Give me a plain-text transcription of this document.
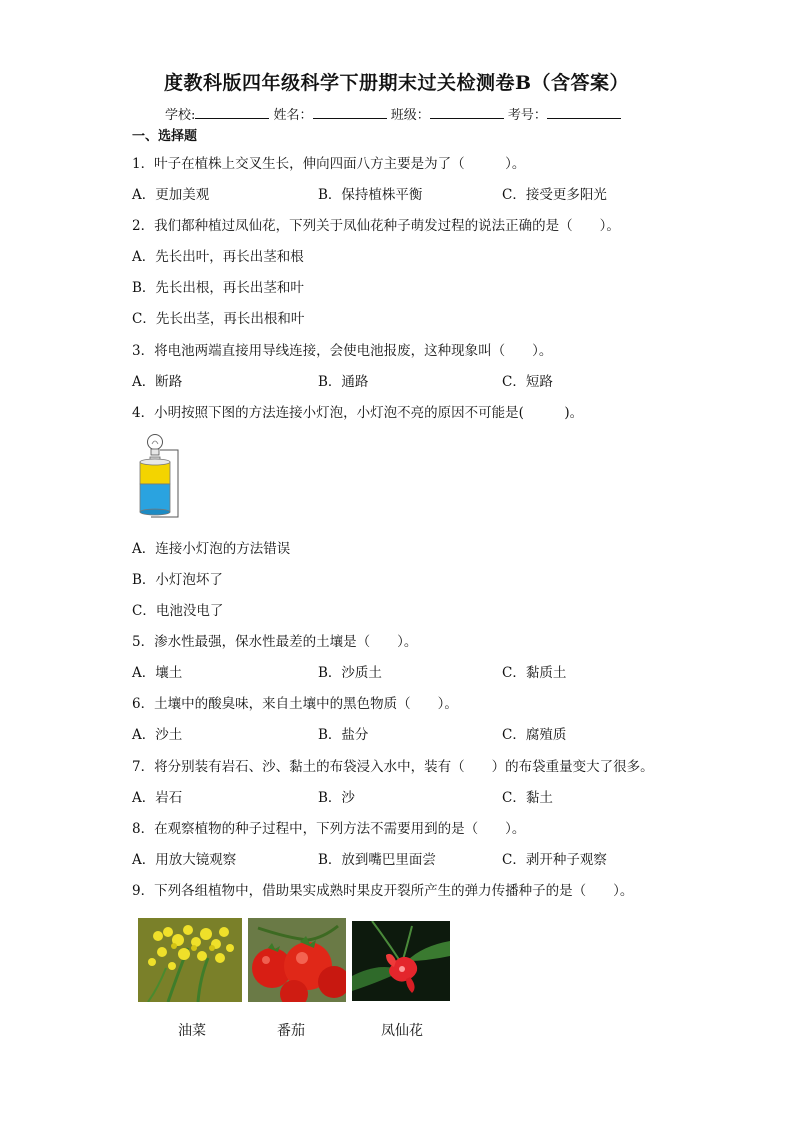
度教科版四年级科学下册期末过关检测卷B（含答案）
学校:	姓名：	班级：	考号：
一、选择题
1．叶子在植株上交叉生长，伸向四面八方主要是为了（　　　）。
A．更加美观	B．保持植株平衡	C．接受更多阳光
2．我们都种植过凤仙花，下列关于凤仙花种子萌发过程的说法正确的是（　　）。
A．先长出叶，再长出茎和根
B．先长出根，再长出茎和叶
C．先长出茎，再长出根和叶
3．将电池两端直接用导线连接，会使电池报废，这种现象叫（　　）。
A．断路	B．通路	C．短路
4．小明按照下图的方法连接小灯泡，小灯泡不亮的原因不可能是(　　　)。
A．连接小灯泡的方法错误
B．小灯泡坏了
C．电池没电了
5．渗水性最强，保水性最差的土壤是（　　）。
A．壤土	B．沙质土	C．黏质土
6．土壤中的酸臭味，来自土壤中的黑色物质（　　）。
A．沙土	B．盐分	C．腐殖质
7．将分别装有岩石、沙、黏土的布袋浸入水中，装有（　　）的布袋重量变大了很多。
A．岩石	B．沙	C．黏土
8．在观察植物的种子过程中，下列方法不需要用到的是（　　）。
A．用放大镜观察	B．放到嘴巴里面尝	C．剥开种子观察
9．下列各组植物中，借助果实成熟时果皮开裂所产生的弹力传播种子的是（　　）。
油菜	番茄	凤仙花
